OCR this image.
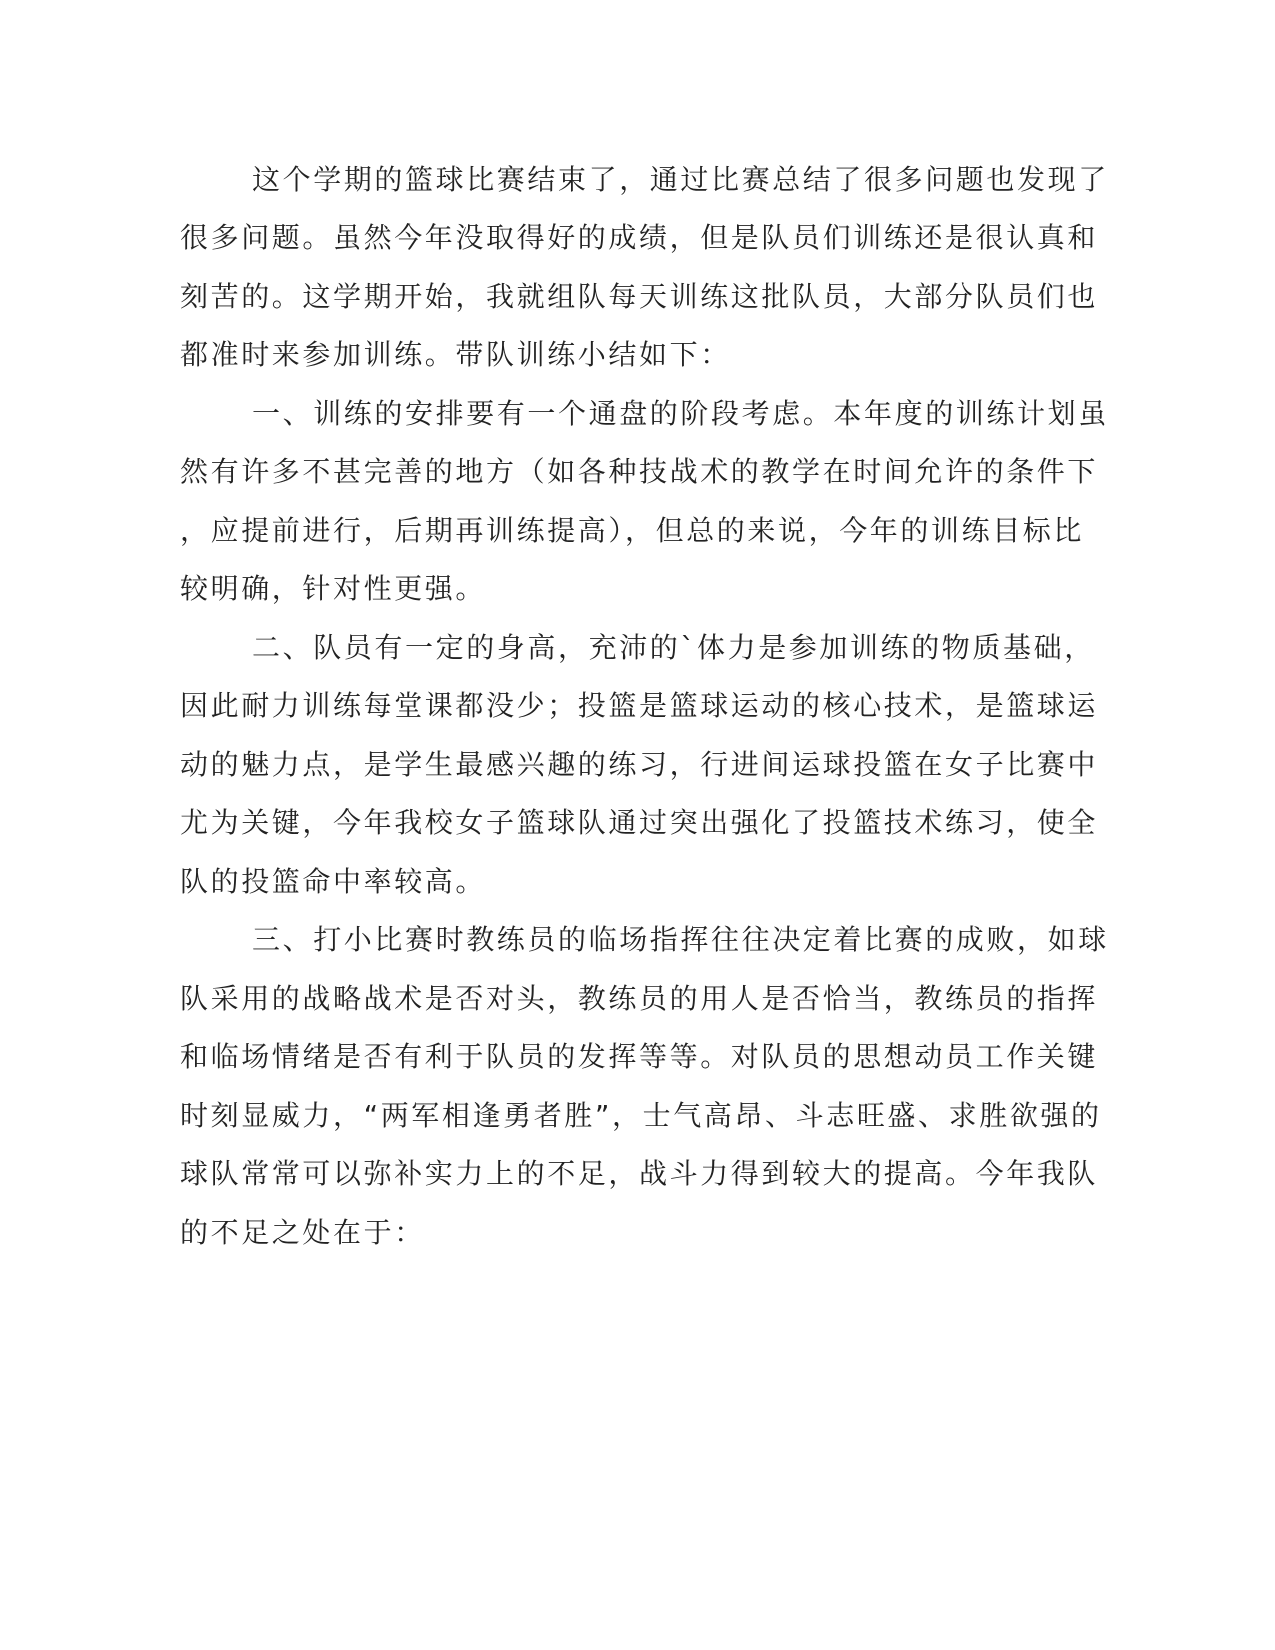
这个学期的篮球比赛结束了，通过比赛总结了很多问题也发现了
很多问题。虽然今年没取得好的成绩，但是队员们训练还是很认真和
刻苦的。这学期开始，我就组队每天训练这批队员，大部分队员们也
都准时来参加训练。带队训练小结如下：
一、训练的安排要有一个通盘的阶段考虑。本年度的训练计划虽
然有许多不甚完善的地方（如各种技战术的教学在时间允许的条件下
，应提前进行，后期再训练提高），但总的来说，今年的训练目标比
较明确，针对性更强。
二、队员有一定的身高，充沛的`体力是参加训练的物质基础，
因此耐力训练每堂课都没少；投篮是篮球运动的核心技术，是篮球运
动的魅力点，是学生最感兴趣的练习，行进间运球投篮在女子比赛中
尤为关键，今年我校女子篮球队通过突出强化了投篮技术练习，使全
队的投篮命中率较高。
三、打小比赛时教练员的临场指挥往往决定着比赛的成败，如球
队采用的战略战术是否对头，教练员的用人是否恰当，教练员的指挥
和临场情绪是否有利于队员的发挥等等。对队员的思想动员工作关键
时刻显威力，“两军相逢勇者胜”，士气高昂、斗志旺盛、求胜欲强的
球队常常可以弥补实力上的不足，战斗力得到较大的提高。今年我队
的不足之处在于：
